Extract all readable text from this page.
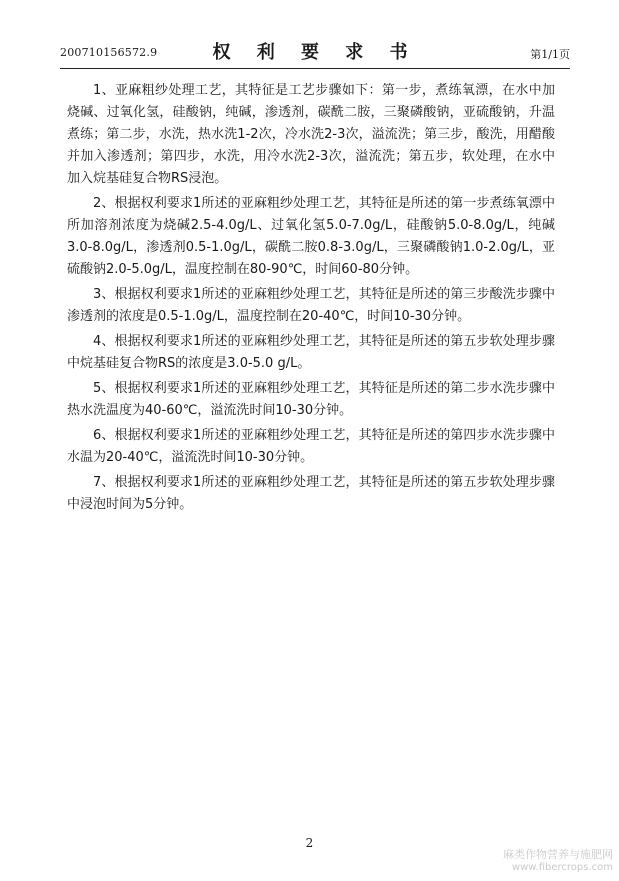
200710156572.9	权 利 要 求 书	第1/1页

1、亚麻粗纱处理工艺，其特征是工艺步骤如下：第一步，煮练氧漂，在水中加烧碱、过氧化氢，硅酸钠，纯碱，渗透剂，碳酰二胺，三聚磷酸钠，亚硫酸钠，升温煮练；第二步，水洗，热水洗1-2次，冷水洗2-3次，溢流洗；第三步，酸洗，用醋酸并加入渗透剂；第四步，水洗，用冷水洗2-3次，溢流洗；第五步，软处理，在水中加入烷基硅复合物RS浸泡。

2、根据权利要求1所述的亚麻粗纱处理工艺，其特征是所述的第一步煮练氧漂中所加溶剂浓度为烧碱2.5-4.0g/L、过氧化氢5.0-7.0g/L，硅酸钠5.0-8.0g/L，纯碱3.0-8.0g/L，渗透剂0.5-1.0g/L，碳酰二胺0.8-3.0g/L，三聚磷酸钠1.0-2.0g/L，亚硫酸钠2.0-5.0g/L，温度控制在80-90℃，时间60-80分钟。

3、根据权利要求1所述的亚麻粗纱处理工艺，其特征是所述的第三步酸洗步骤中渗透剂的浓度是0.5-1.0g/L，温度控制在20-40℃，时间10-30分钟。

4、根据权利要求1所述的亚麻粗纱处理工艺，其特征是所述的第五步软处理步骤中烷基硅复合物RS的浓度是3.0-5.0 g/L。

5、根据权利要求1所述的亚麻粗纱处理工艺，其特征是所述的第二步水洗步骤中热水洗温度为40-60℃，溢流洗时间10-30分钟。

6、根据权利要求1所述的亚麻粗纱处理工艺，其特征是所述的第四步水洗步骤中水温为20-40℃，溢流洗时间10-30分钟。

7、根据权利要求1所述的亚麻粗纱处理工艺，其特征是所述的第五步软处理步骤中浸泡时间为5分钟。

2
麻类作物营养与施肥网
www.fibercrops.com
